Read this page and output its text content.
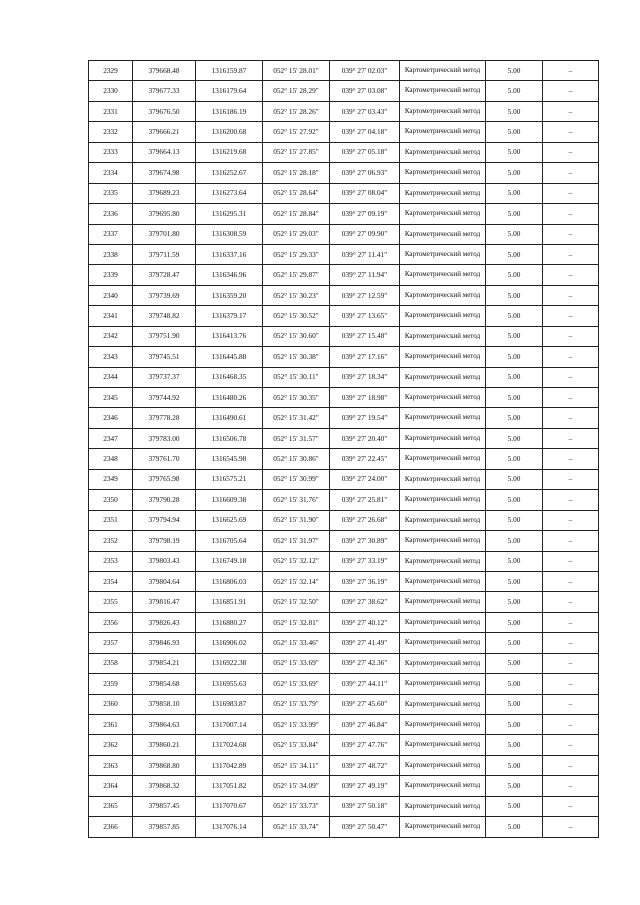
2329	379668.48	1316159.87	052° 15' 28.01"	039° 27' 02.03"	Картометрический метод	5.00	–
2330	379677.33	1316179.64	052° 15' 28.29"	039° 27' 03.08"	Картометрический метод	5.00	–
2331	379676.50	1316186.19	052° 15' 28.26"	039° 27' 03.43"	Картометрический метод	5.00	–
2332	379666.21	1316200.68	052° 15' 27.92"	039° 27' 04.18"	Картометрический метод	5.00	–
2333	379664.13	1316219.68	052° 15' 27.85"	039° 27' 05.18"	Картометрический метод	5.00	–
2334	379674.98	1316252.67	052° 15' 28.18"	039° 27' 06.93"	Картометрический метод	5.00	–
2335	379689.23	1316273.64	052° 15' 28.64"	039° 27' 08.04"	Картометрический метод	5.00	–
2336	379695.80	1316295.31	052° 15' 28.84"	039° 27' 09.19"	Картометрический метод	5.00	–
2337	379701.80	1316308.59	052° 15' 29.03"	039° 27' 09.90"	Картометрический метод	5.00	–
2338	379711.59	1316337.16	052° 15' 29.33"	039° 27' 11.41"	Картометрический метод	5.00	–
2339	379728.47	1316346.96	052° 15' 29.87"	039° 27' 11.94"	Картометрический метод	5.00	–
2340	379739.69	1316359.20	052° 15' 30.23"	039° 27' 12.59"	Картометрический метод	5.00	–
2341	379748.82	1316379.17	052° 15' 30.52"	039° 27' 13.65"	Картометрический метод	5.00	–
2342	379751.90	1316413.76	052° 15' 30.60"	039° 27' 15.48"	Картометрический метод	5.00	–
2343	379745.51	1316445.88	052° 15' 30.38"	039° 27' 17.16"	Картометрический метод	5.00	–
2344	379737.37	1316468.35	052° 15' 30.11"	039° 27' 18.34"	Картометрический метод	5.00	–
2345	379744.92	1316480.26	052° 15' 30.35"	039° 27' 18.98"	Картометрический метод	5.00	–
2346	379778.28	1316490.61	052° 15' 31.42"	039° 27' 19.54"	Картометрический метод	5.00	–
2347	379783.00	1316506.78	052° 15' 31.57"	039° 27' 20.40"	Картометрический метод	5.00	–
2348	379761.70	1316545.98	052° 15' 30.86"	039° 27' 22.45"	Картометрический метод	5.00	–
2349	379765.98	1316575.21	052° 15' 30.99"	039° 27' 24.00"	Картометрический метод	5.00	–
2350	379790.28	1316609.38	052° 15' 31.76"	039° 27' 25.81"	Картометрический метод	5.00	–
2351	379794.94	1316625.69	052° 15' 31.90"	039° 27' 26.68"	Картометрический метод	5.00	–
2352	379798.19	1316705.64	052° 15' 31.97"	039° 27' 30.89"	Картометрический метод	5.00	–
2353	379803.43	1316749.18	052° 15' 32.12"	039° 27' 33.19"	Картометрический метод	5.00	–
2354	379804.64	1316806.03	052° 15' 32.14"	039° 27' 36.19"	Картометрический метод	5.00	–
2355	379816.47	1316851.91	052° 15' 32.50"	039° 27' 38.62"	Картометрический метод	5.00	–
2356	379826.43	1316880.27	052° 15' 32.81"	039° 27' 40.12"	Картометрический метод	5.00	–
2357	379846.93	1316906.02	052° 15' 33.46"	039° 27' 41.49"	Картометрический метод	5.00	–
2358	379854.21	1316922.38	052° 15' 33.69"	039° 27' 42.36"	Картометрический метод	5.00	–
2359	379854.68	1316955.63	052° 15' 33.69"	039° 27' 44.11"	Картометрический метод	5.00	–
2360	379858.10	1316983.87	052° 15' 33.79"	039° 27' 45.60"	Картометрический метод	5.00	–
2361	379864.63	1317007.14	052° 15' 33.99"	039° 27' 46.84"	Картометрический метод	5.00	–
2362	379860.21	1317024.68	052° 15' 33.84"	039° 27' 47.76"	Картометрический метод	5.00	–
2363	379868.80	1317042.89	052° 15' 34.11"	039° 27' 48.72"	Картометрический метод	5.00	–
2364	379868.32	1317051.82	052° 15' 34.09"	039° 27' 49.19"	Картометрический метод	5.00	–
2365	379857.45	1317070.67	052° 15' 33.73"	039° 27' 50.18"	Картометрический метод	5.00	–
2366	379857.85	1317076.14	052° 15' 33.74"	039° 27' 50.47"	Картометрический метод	5.00	–
